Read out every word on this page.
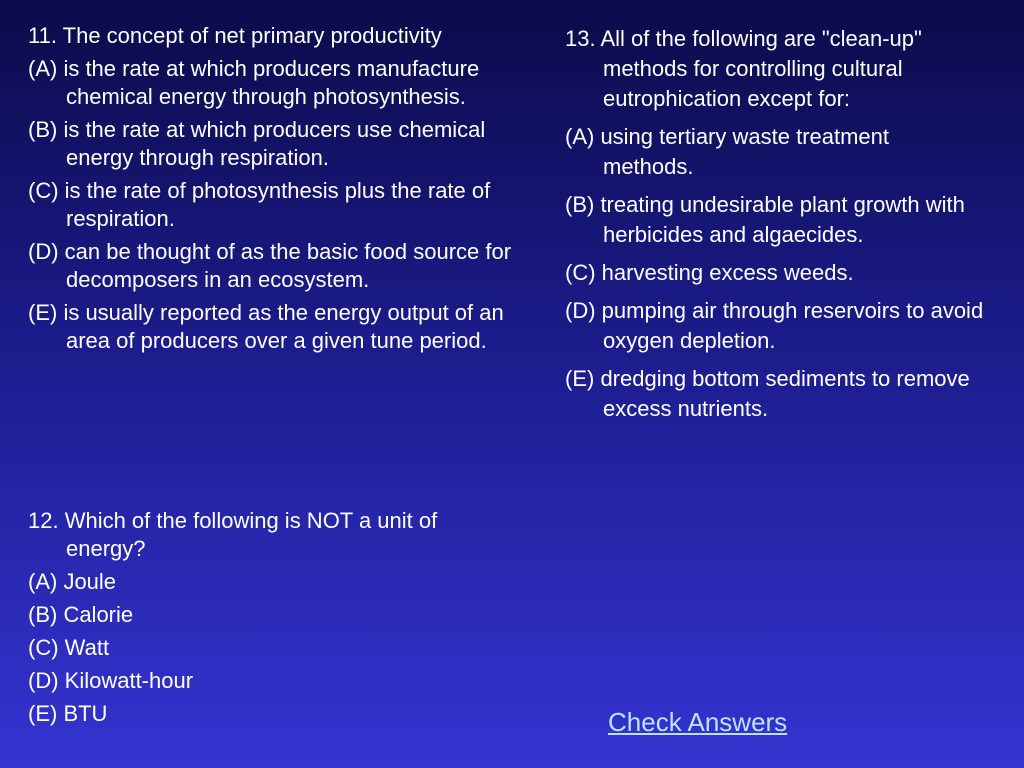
11. The concept of net primary productivity

(A) is the rate at which producers manufacture chemical energy through photosynthesis.

(B) is the rate at which producers use chemical energy through respiration.

(C) is the rate of photosynthesis plus the rate of respiration.

(D) can be thought of as the basic food source for decomposers in an ecosystem.

(E) is usually reported as the energy output of an area of producers over a given tune period.

12. Which of the following is NOT a unit of energy?

(A) Joule

(B) Calorie

(C) Watt

(D) Kilowatt-hour

(E) BTU

13. All of the following are "clean-up" methods for controlling cultural eutrophication except for:

(A) using tertiary waste treatment methods.

(B) treating undesirable plant growth with herbicides and algaecides.

(C) harvesting excess weeds.

(D) pumping air through reservoirs to avoid oxygen depletion.

(E) dredging bottom sediments to remove excess nutrients.

Check Answers
